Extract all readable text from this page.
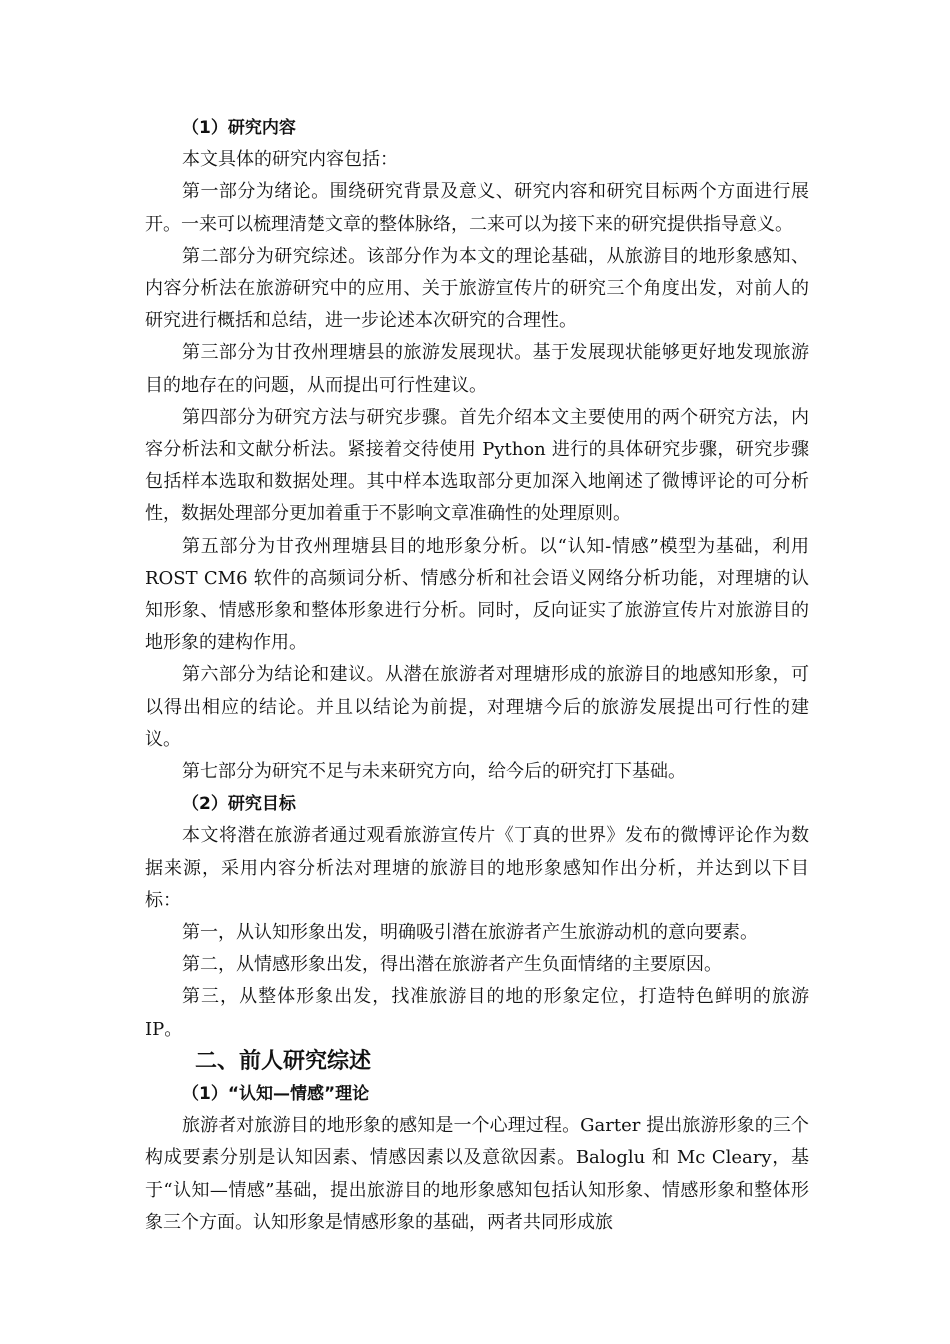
（1）研究内容

本文具体的研究内容包括：

第一部分为绪论。围绕研究背景及意义、研究内容和研究目标两个方面进行展开。一来可以梳理清楚文章的整体脉络，二来可以为接下来的研究提供指导意义。

第二部分为研究综述。该部分作为本文的理论基础，从旅游目的地形象感知、内容分析法在旅游研究中的应用、关于旅游宣传片的研究三个角度出发，对前人的研究进行概括和总结，进一步论述本次研究的合理性。

第三部分为甘孜州理塘县的旅游发展现状。基于发展现状能够更好地发现旅游目的地存在的问题，从而提出可行性建议。

第四部分为研究方法与研究步骤。首先介绍本文主要使用的两个研究方法，内容分析法和文献分析法。紧接着交待使用 Python 进行的具体研究步骤，研究步骤包括样本选取和数据处理。其中样本选取部分更加深入地阐述了微博评论的可分析性，数据处理部分更加着重于不影响文章准确性的处理原则。

第五部分为甘孜州理塘县目的地形象分析。以“认知-情感”模型为基础，利用 ROST CM6 软件的高频词分析、情感分析和社会语义网络分析功能，对理塘的认知形象、情感形象和整体形象进行分析。同时，反向证实了旅游宣传片对旅游目的地形象的建构作用。

第六部分为结论和建议。从潜在旅游者对理塘形成的旅游目的地感知形象，可以得出相应的结论。并且以结论为前提，对理塘今后的旅游发展提出可行性的建议。

第七部分为研究不足与未来研究方向，给今后的研究打下基础。

（2）研究目标

本文将潜在旅游者通过观看旅游宣传片《丁真的世界》发布的微博评论作为数据来源，采用内容分析法对理塘的旅游目的地形象感知作出分析，并达到以下目标：

第一，从认知形象出发，明确吸引潜在旅游者产生旅游动机的意向要素。

第二，从情感形象出发，得出潜在旅游者产生负面情绪的主要原因。

第三，从整体形象出发，找准旅游目的地的形象定位，打造特色鲜明的旅游 IP。

二、前人研究综述

（1）“认知—情感”理论

旅游者对旅游目的地形象的感知是一个心理过程。Garter 提出旅游形象的三个构成要素分别是认知因素、情感因素以及意欲因素。Baloglu 和 Mc Cleary，基于“认知—情感”基础，提出旅游目的地形象感知包括认知形象、情感形象和整体形象三个方面。认知形象是情感形象的基础，两者共同形成旅
